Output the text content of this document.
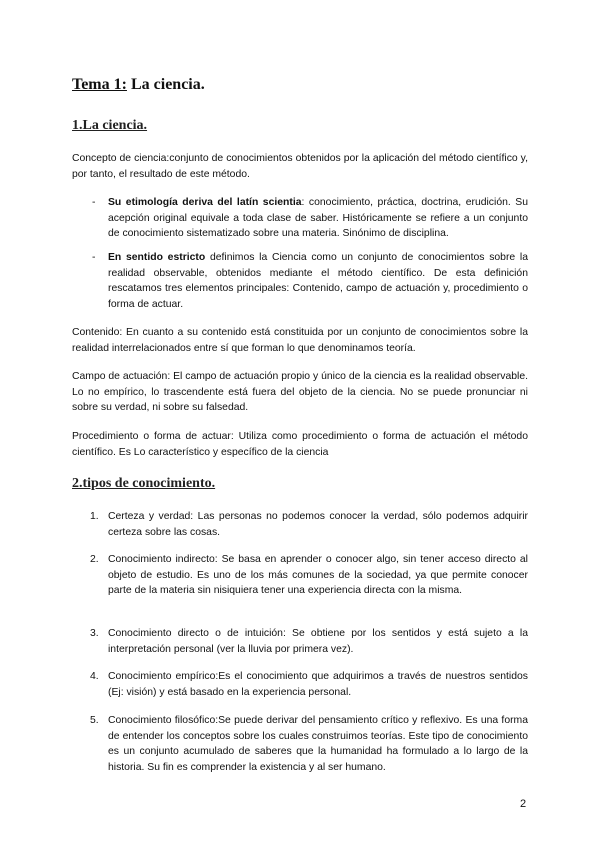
Tema 1: La ciencia.
1.La ciencia.

Concepto de ciencia:conjunto de conocimientos obtenidos por la aplicación del método científico y, por tanto, el resultado de este método.

- Su etimología deriva del latín scientia: conocimiento, práctica, doctrina, erudición. Su acepción original equivale a toda clase de saber. Históricamente se refiere a un conjunto de conocimiento sistematizado sobre una materia. Sinónimo de disciplina.

- En sentido estricto definimos la Ciencia como un conjunto de conocimientos sobre la realidad observable, obtenidos mediante el método científico. De esta definición rescatamos tres elementos principales: Contenido, campo de actuación y, procedimiento o forma de actuar.

Contenido: En cuanto a su contenido está constituida por un conjunto de conocimientos sobre la realidad interrelacionados entre sí que forman lo que denominamos teoría.

Campo de actuación: El campo de actuación propio y único de la ciencia es la realidad observable. Lo no empírico, lo trascendente está fuera del objeto de la ciencia. No se puede pronunciar ni sobre su verdad, ni sobre su falsedad.

Procedimiento o forma de actuar: Utiliza como procedimiento o forma de actuación el método científico. Es Lo característico y específico de la ciencia

2.tipos de conocimiento.

1. Certeza y verdad: Las personas no podemos conocer la verdad, sólo podemos adquirir certeza sobre las cosas.

2. Conocimiento indirecto: Se basa en aprender o conocer algo, sin tener acceso directo al objeto de estudio. Es uno de los más comunes de la sociedad, ya que permite conocer parte de la materia sin nisiquiera tener una experiencia directa con la misma.

3. Conocimiento directo o de intuición: Se obtiene por los sentidos y está sujeto a la interpretación personal (ver la lluvia por primera vez).

4. Conocimiento empírico:Es el conocimiento que adquirimos a través de nuestros sentidos (Ej: visión) y está basado en la experiencia personal.

5. Conocimiento filosófico:Se puede derivar del pensamiento crítico y reflexivo. Es una forma de entender los conceptos sobre los cuales construimos teorías. Este tipo de conocimiento es un conjunto acumulado de saberes que la humanidad ha formulado a lo largo de la historia. Su fin es comprender la existencia y al ser humano.

2
